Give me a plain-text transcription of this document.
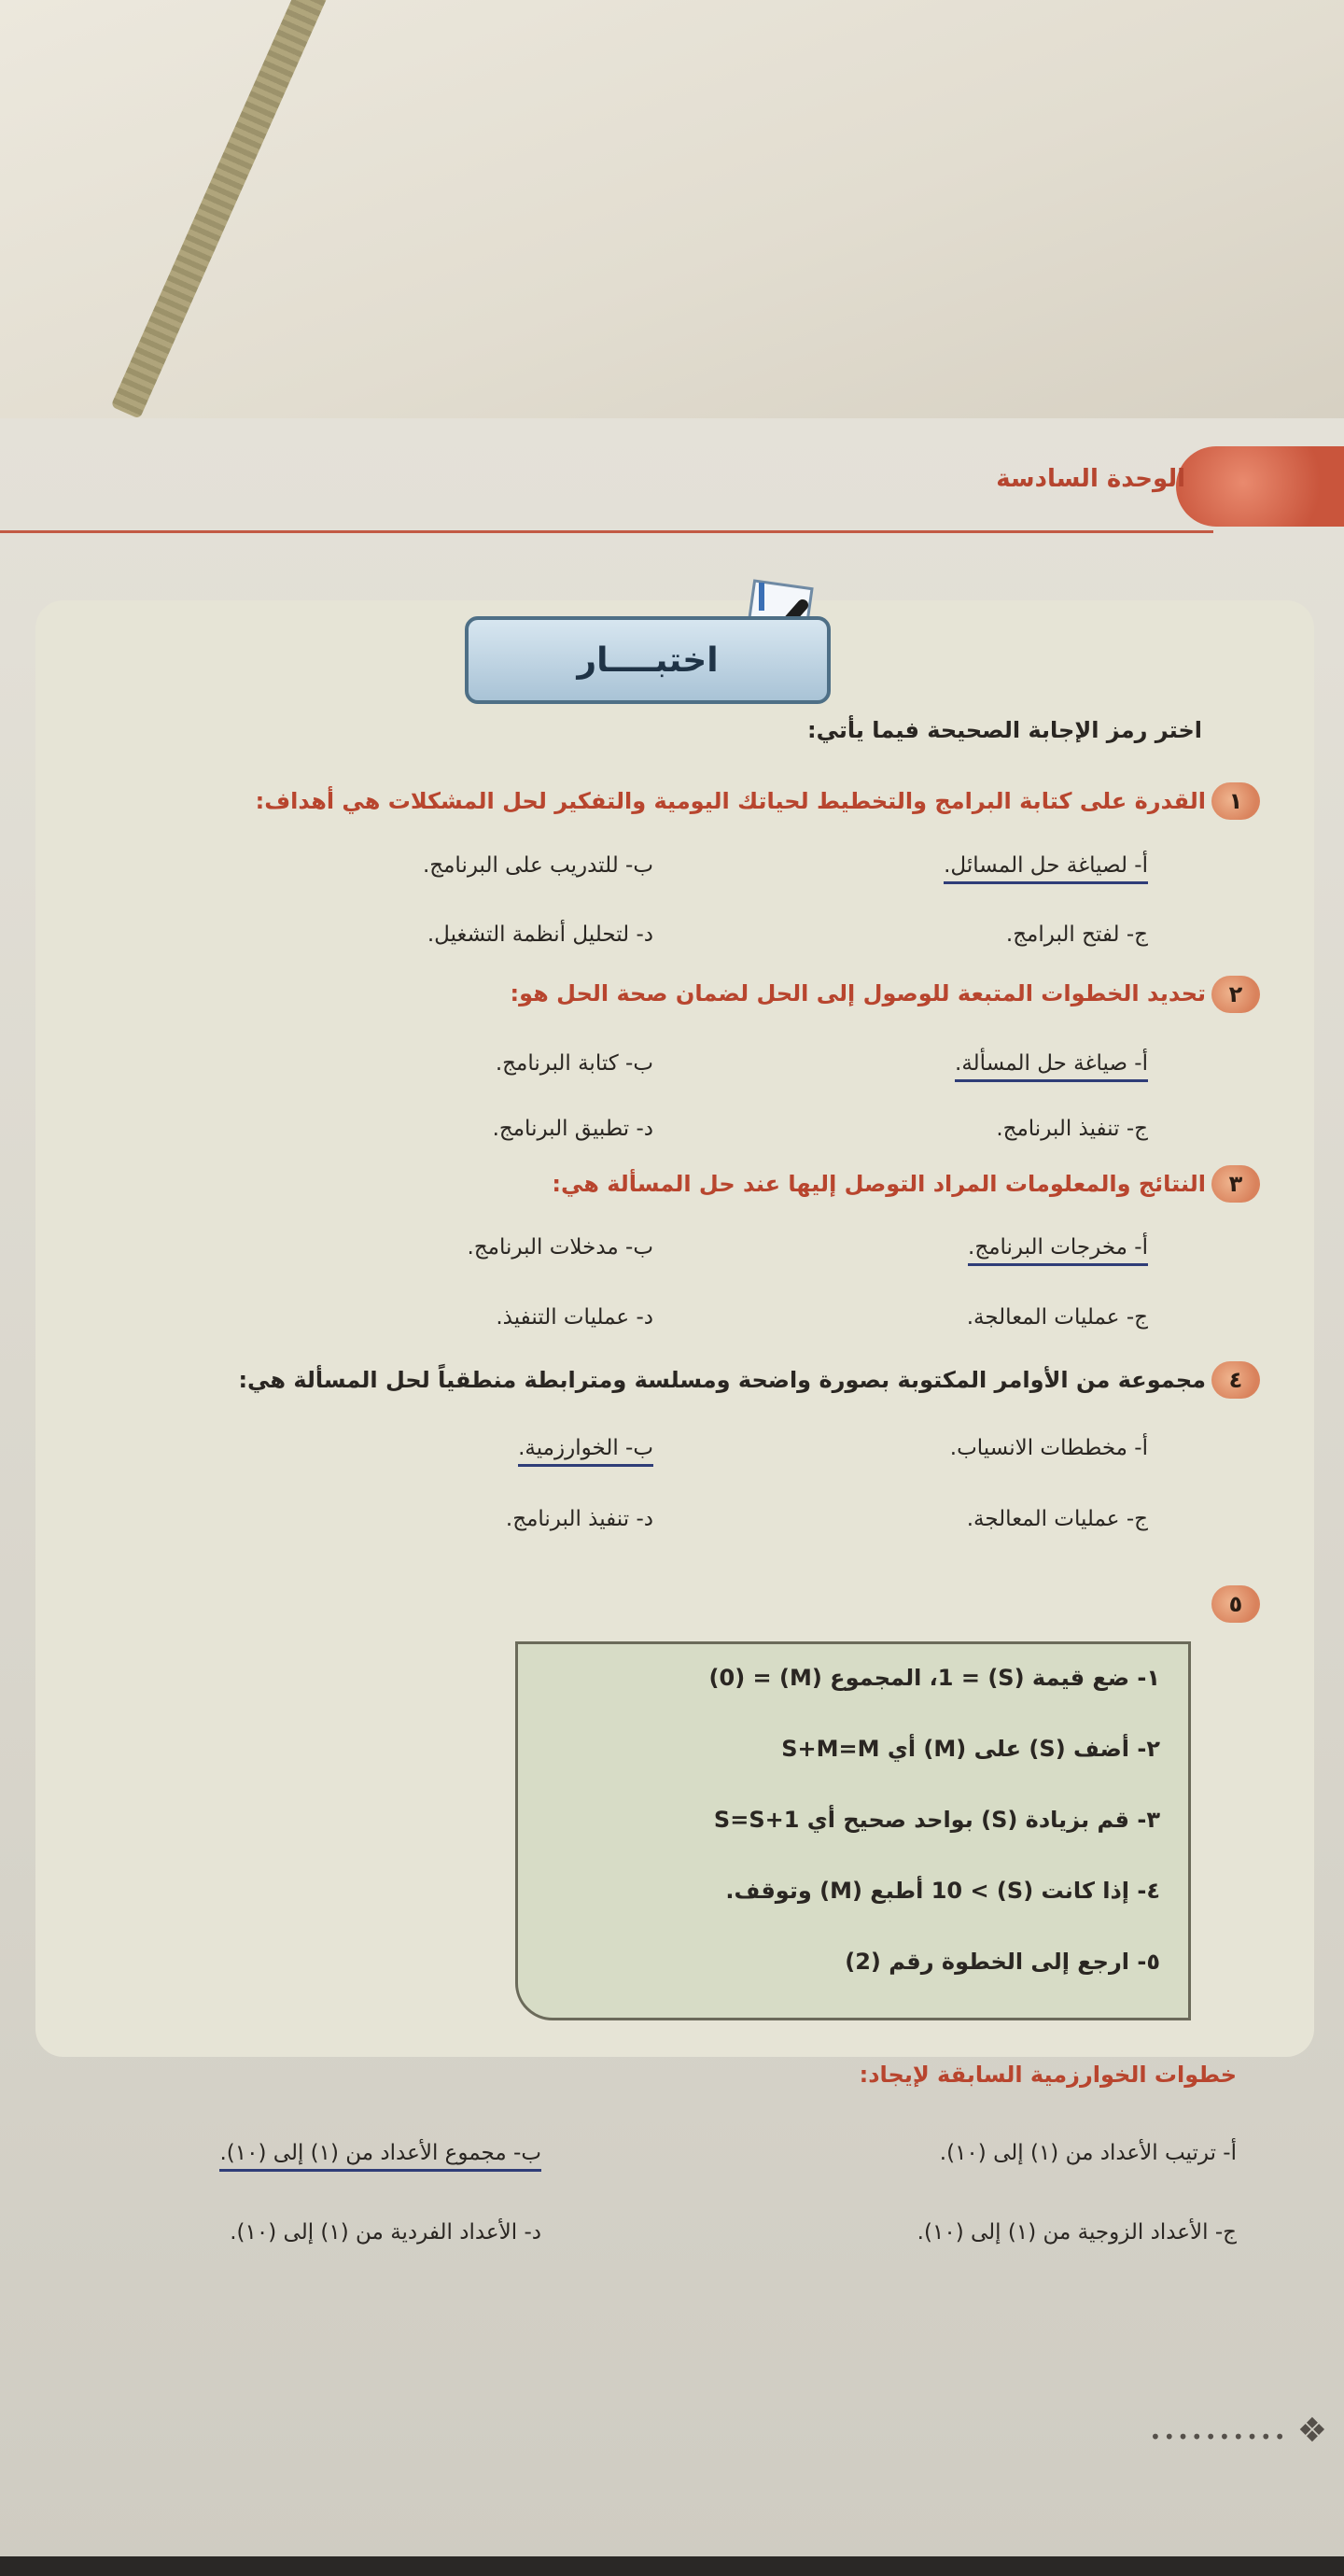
الوحدة السادسة
اختبــــار
اختر رمز الإجابة الصحيحة فيما يأتي:
١
القدرة على كتابة البرامج والتخطيط لحياتك اليومية والتفكير لحل المشكلات هي أهداف:
أ- لصياغة حل المسائل.
ب- للتدريب على البرنامج.
ج- لفتح البرامج.
د- لتحليل أنظمة التشغيل.
٢
تحديد الخطوات المتبعة للوصول إلى الحل لضمان صحة الحل هو:
أ- صياغة حل المسألة.
ب- كتابة البرنامج.
ج- تنفيذ البرنامج.
د- تطبيق البرنامج.
٣
النتائج والمعلومات المراد التوصل إليها عند حل المسألة هي:
أ- مخرجات البرنامج.
ب- مدخلات البرنامج.
ج- عمليات المعالجة.
د- عمليات التنفيذ.
٤
مجموعة من الأوامر المكتوبة بصورة واضحة ومسلسة ومترابطة منطقياً لحل المسألة هي:
أ- مخططات الانسياب.
ب- الخوارزمية.
ج- عمليات المعالجة.
د- تنفيذ البرنامج.
٥
١- ضع قيمة (S) = 1، المجموع (M) = (0)
٢- أضف (S) على (M) أي S+M=M
٣- قم بزيادة (S) بواحد صحيح أي 1+S=S
٤- إذا كانت (S) > 10 أطبع (M) وتوقف.
٥- ارجع إلى الخطوة رقم (2)
خطوات الخوارزمية السابقة لإيجاد:
أ- ترتيب الأعداد من (١) إلى (١٠).
ب- مجموع الأعداد من (١) إلى (١٠).
ج- الأعداد الزوجية من (١) إلى (١٠).
د- الأعداد الفردية من (١) إلى (١٠).
•••••••••• ❖
